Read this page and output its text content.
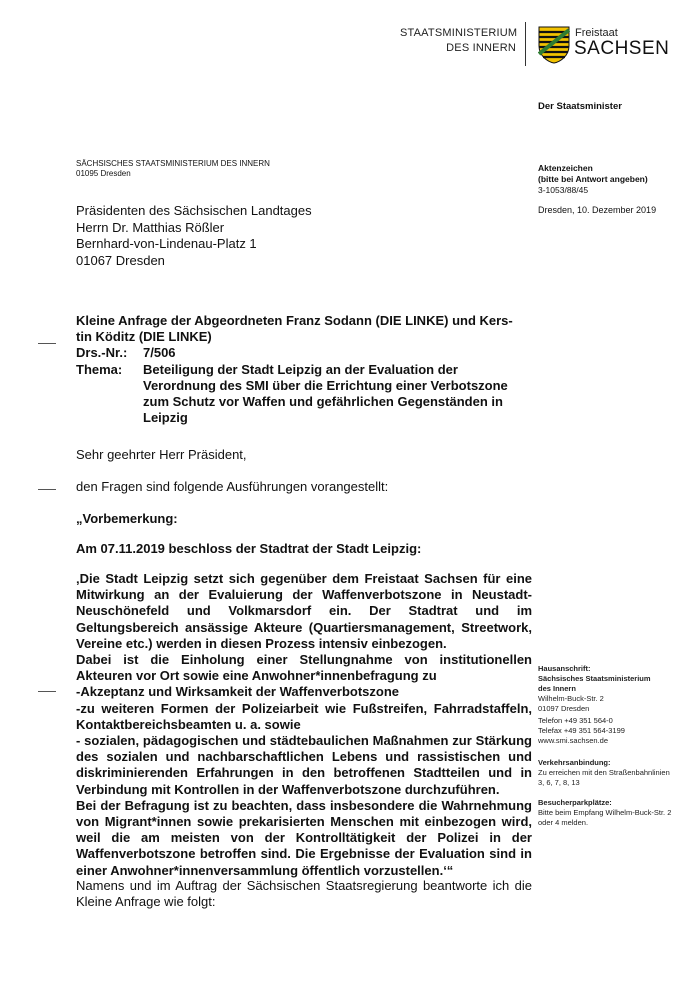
STAATSMINISTERIUM
DES INNERN
Freistaat
SACHSEN
Der Staatsminister
SÄCHSISCHES STAATSMINISTERIUM DES INNERN
01095 Dresden
Aktenzeichen
(bitte bei Antwort angeben)
3-1053/88/45
Dresden, 10. Dezember 2019
Präsidenten des Sächsischen Landtages
Herrn Dr. Matthias Rößler
Bernhard-von-Lindenau-Platz 1
01067 Dresden
Kleine Anfrage der Abgeordneten Franz Sodann (DIE LINKE) und Kers-
tin Köditz (DIE LINKE)
Drs.-Nr.:	7/506
Thema:	Beteiligung der Stadt Leipzig an der Evaluation der Verordnung des SMI über die Errichtung einer Verbotszone zum Schutz vor Waffen und gefährlichen Gegenständen in Leipzig
Sehr geehrter Herr Präsident,
den Fragen sind folgende Ausführungen vorangestellt:
„Vorbemerkung:
Am 07.11.2019 beschloss der Stadtrat der Stadt Leipzig:
‚Die Stadt Leipzig setzt sich gegenüber dem Freistaat Sachsen für eine Mitwirkung an der Evaluierung der Waffenverbotszone in Neustadt-Neuschönefeld und Volkmarsdorf ein. Der Stadtrat und im Geltungsbereich ansässige Akteure (Quartiersmanagement, Streetwork, Vereine etc.) werden in diesen Prozess intensiv einbezogen.
Dabei ist die Einholung einer Stellungnahme von institutionellen Akteuren vor Ort sowie eine Anwohner*innenbefragung zu
-Akzeptanz und Wirksamkeit der Waffenverbotszone
-zu weiteren Formen der Polizeiarbeit wie Fußstreifen, Fahrradstaffeln, Kontaktbereichsbeamten u. a. sowie
- sozialen, pädagogischen und städtebaulichen Maßnahmen zur Stärkung des sozialen und nachbarschaftlichen Lebens und rassistischen und diskriminierenden Erfahrungen in den betroffenen Stadtteilen und in Verbindung mit Kontrollen in der Waffenverbotszone durchzuführen.
Bei der Befragung ist zu beachten, dass insbesondere die Wahrnehmung von Migrant*innen sowie prekarisierten Menschen mit einbezogen wird, weil die am meisten von der Kontrolltätigkeit der Polizei in der Waffenverbotszone betroffen sind. Die Ergebnisse der Evaluation sind in einer Anwohner*innenversammlung öffentlich vorzustellen.‘“
Namens und im Auftrag der Sächsischen Staatsregierung beantworte ich die Kleine Anfrage wie folgt:
Hausanschrift:
Sächsisches Staatsministerium
des Innern
Wilhelm-Buck-Str. 2
01097 Dresden
Telefon +49 351 564-0
Telefax +49 351 564-3199
www.smi.sachsen.de
Verkehrsanbindung:
Zu erreichen mit den Straßenbahnlinien 3, 6, 7, 8, 13
Besucherparkplätze:
Bitte beim Empfang Wilhelm-Buck-Str. 2 oder 4 melden.
